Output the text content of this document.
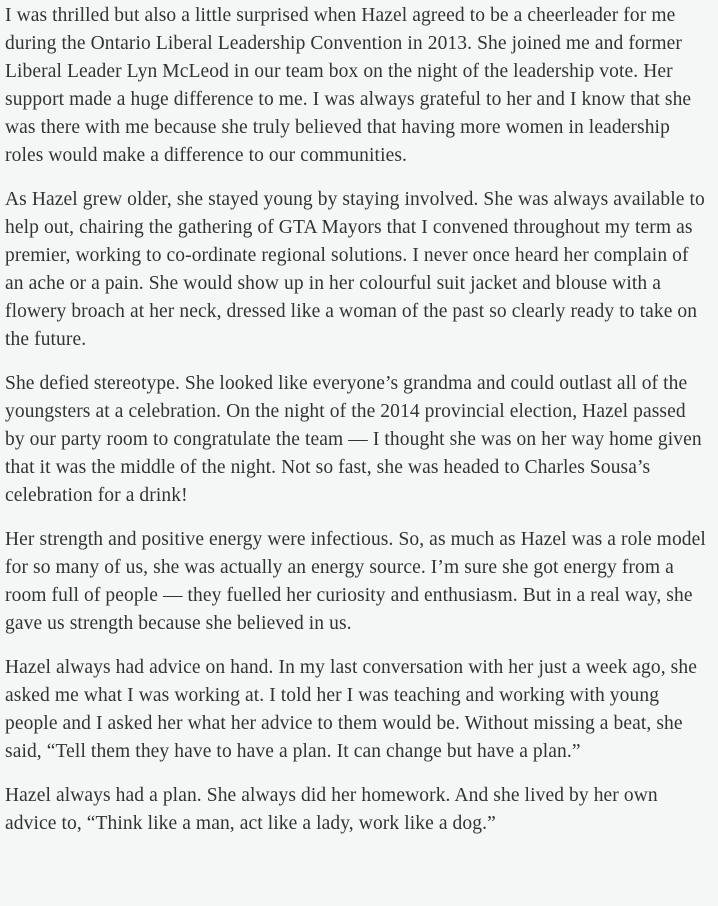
I was thrilled but also a little surprised when Hazel agreed to be a cheerleader for me during the Ontario Liberal Leadership Convention in 2013. She joined me and former Liberal Leader Lyn McLeod in our team box on the night of the leadership vote. Her support made a huge difference to me. I was always grateful to her and I know that she was there with me because she truly believed that having more women in leadership roles would make a difference to our communities.

As Hazel grew older, she stayed young by staying involved. She was always available to help out, chairing the gathering of GTA Mayors that I convened throughout my term as premier, working to co-ordinate regional solutions. I never once heard her complain of an ache or a pain. She would show up in her colourful suit jacket and blouse with a flowery broach at her neck, dressed like a woman of the past so clearly ready to take on the future.

She defied stereotype. She looked like everyone’s grandma and could outlast all of the youngsters at a celebration. On the night of the 2014 provincial election, Hazel passed by our party room to congratulate the team — I thought she was on her way home given that it was the middle of the night. Not so fast, she was headed to Charles Sousa’s celebration for a drink!

Her strength and positive energy were infectious. So, as much as Hazel was a role model for so many of us, she was actually an energy source. I’m sure she got energy from a room full of people — they fuelled her curiosity and enthusiasm. But in a real way, she gave us strength because she believed in us.

Hazel always had advice on hand. In my last conversation with her just a week ago, she asked me what I was working at. I told her I was teaching and working with young people and I asked her what her advice to them would be. Without missing a beat, she said, “Tell them they have to have a plan. It can change but have a plan.”

Hazel always had a plan. She always did her homework. And she lived by her own advice to, “Think like a man, act like a lady, work like a dog.”
